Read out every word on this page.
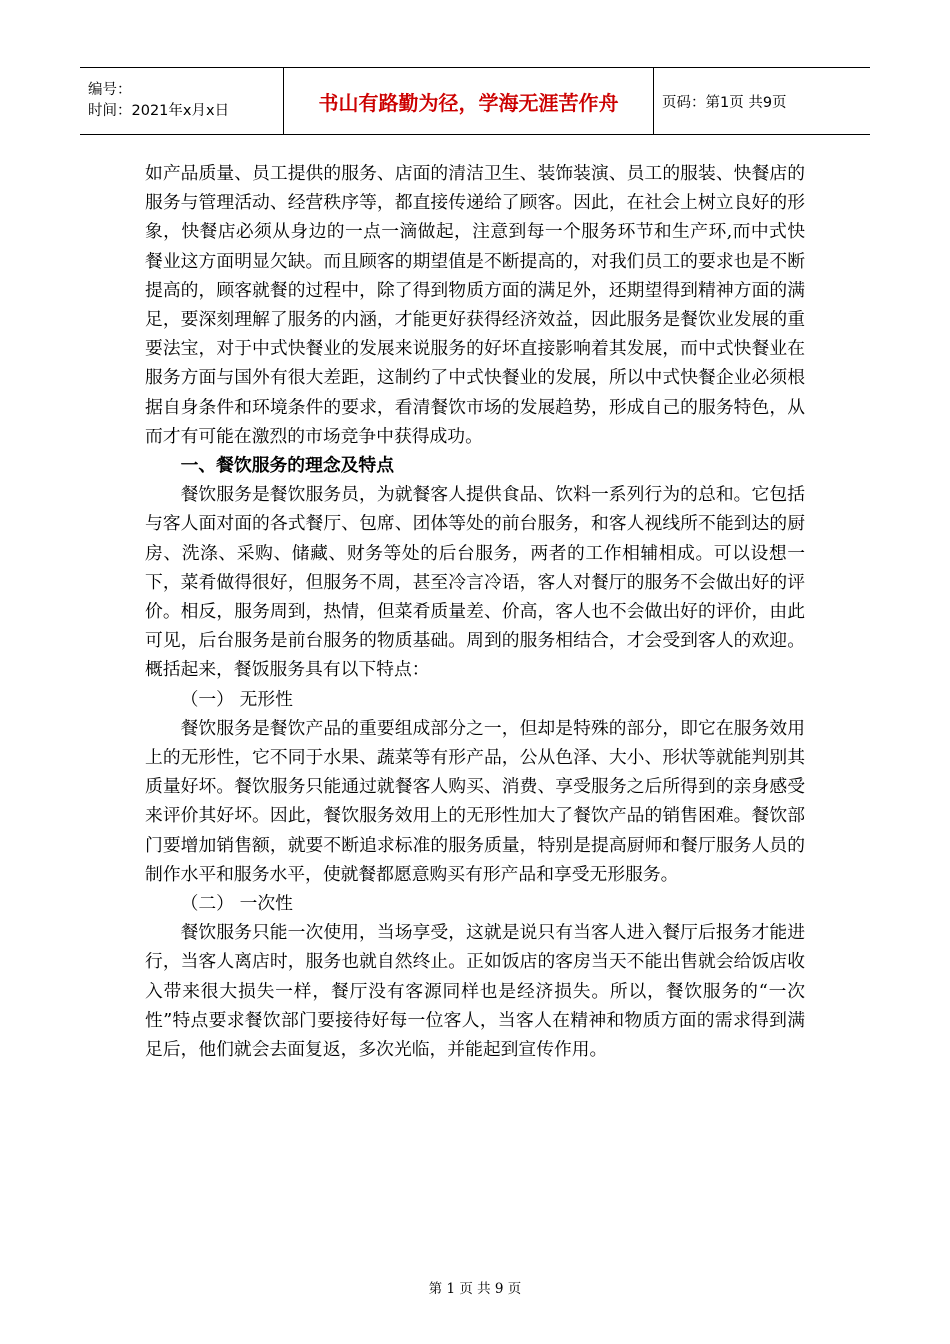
编号：
时间：2021年x月x日	书山有路勤为径，学海无涯苦作舟	页码：第1页 共9页

如产品质量、员工提供的服务、店面的清洁卫生、装饰装演、员工的服装、快餐店的服务与管理活动、经营秩序等，都直接传递给了顾客。因此，在社会上树立良好的形象，快餐店必须从身边的一点一滴做起，注意到每一个服务环节和生产环,而中式快餐业这方面明显欠缺。而且顾客的期望值是不断提高的，对我们员工的要求也是不断提高的，顾客就餐的过程中，除了得到物质方面的满足外，还期望得到精神方面的满足，要深刻理解了服务的内涵，才能更好获得经济效益，因此服务是餐饮业发展的重要法宝，对于中式快餐业的发展来说服务的好坏直接影响着其发展，而中式快餐业在服务方面与国外有很大差距，这制约了中式快餐业的发展，所以中式快餐企业必须根据自身条件和环境条件的要求，看清餐饮市场的发展趋势，形成自己的服务特色，从而才有可能在激烈的市场竞争中获得成功。

一、餐饮服务的理念及特点

餐饮服务是餐饮服务员，为就餐客人提供食品、饮料一系列行为的总和。它包括与客人面对面的各式餐厅、包席、团体等处的前台服务，和客人视线所不能到达的厨房、洗涤、采购、储藏、财务等处的后台服务，两者的工作相辅相成。可以设想一下，菜肴做得很好，但服务不周，甚至冷言冷语，客人对餐厅的服务不会做出好的评价。相反，服务周到，热情，但菜肴质量差、价高，客人也不会做出好的评价，由此可见，后台服务是前台服务的物质基础。周到的服务相结合，才会受到客人的欢迎。概括起来，餐饭服务具有以下特点：

（一） 无形性

餐饮服务是餐饮产品的重要组成部分之一，但却是特殊的部分，即它在服务效用上的无形性，它不同于水果、蔬菜等有形产品，公从色泽、大小、形状等就能判别其质量好坏。餐饮服务只能通过就餐客人购买、消费、享受服务之后所得到的亲身感受来评价其好坏。因此，餐饮服务效用上的无形性加大了餐饮产品的销售困难。餐饮部门要增加销售额，就要不断追求标准的服务质量，特别是提高厨师和餐厅服务人员的制作水平和服务水平，使就餐都愿意购买有形产品和享受无形服务。

（二） 一次性

餐饮服务只能一次使用，当场享受，这就是说只有当客人进入餐厅后报务才能进行，当客人离店时，服务也就自然终止。正如饭店的客房当天不能出售就会给饭店收入带来很大损失一样，餐厅没有客源同样也是经济损失。所以，餐饮服务的“一次性”特点要求餐饮部门要接待好每一位客人，当客人在精神和物质方面的需求得到满足后，他们就会去面复返，多次光临，并能起到宣传作用。

第 1 页 共 9 页
